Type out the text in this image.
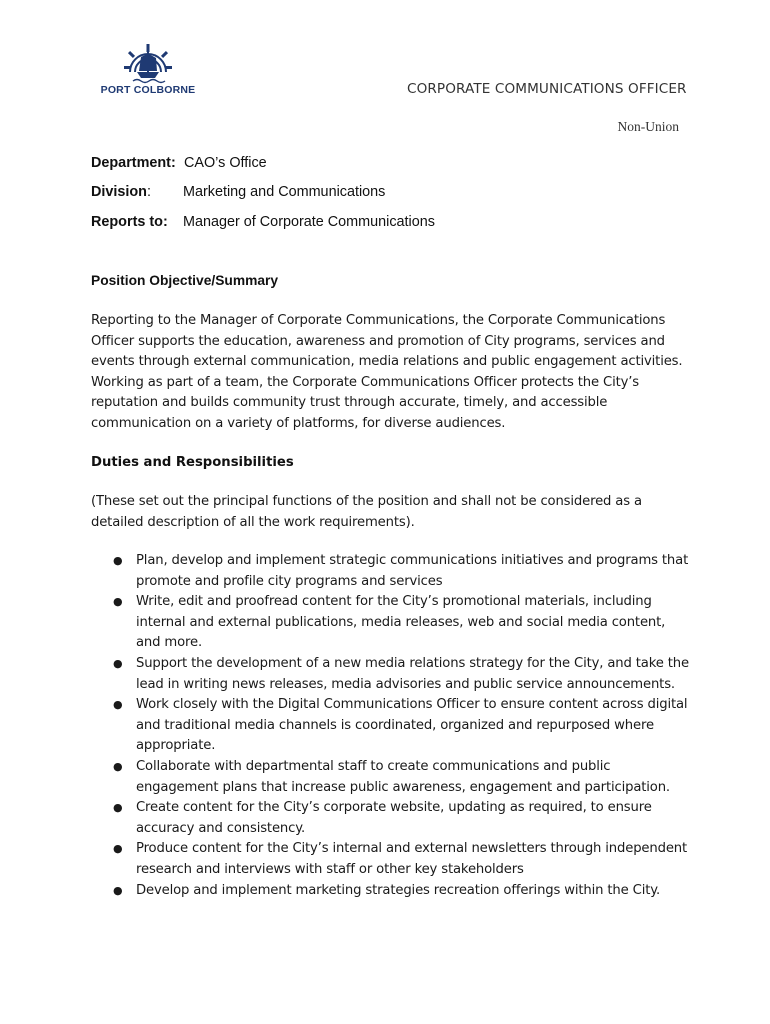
PORT COLBORNE	CORPORATE COMMUNICATIONS OFFICER
Non-Union
Department: CAO’s Office
Division: Marketing and Communications
Reports to: Manager of Corporate Communications
Position Objective/Summary
Reporting to the Manager of Corporate Communications, the Corporate Communications Officer supports the education, awareness and promotion of City programs, services and events through external communication, media relations and public engagement activities. Working as part of a team, the Corporate Communications Officer protects the City’s reputation and builds community trust through accurate, timely, and accessible communication on a variety of platforms, for diverse audiences.
Duties and Responsibilities
(These set out the principal functions of the position and shall not be considered as a detailed description of all the work requirements).
● Plan, develop and implement strategic communications initiatives and programs that promote and profile city programs and services
● Write, edit and proofread content for the City’s promotional materials, including internal and external publications, media releases, web and social media content, and more.
● Support the development of a new media relations strategy for the City, and take the lead in writing news releases, media advisories and public service announcements.
● Work closely with the Digital Communications Officer to ensure content across digital and traditional media channels is coordinated, organized and repurposed where appropriate.
● Collaborate with departmental staff to create communications and public engagement plans that increase public awareness, engagement and participation.
● Create content for the City’s corporate website, updating as required, to ensure accuracy and consistency.
● Produce content for the City’s internal and external newsletters through independent research and interviews with staff or other key stakeholders
● Develop and implement marketing strategies recreation offerings within the City.
